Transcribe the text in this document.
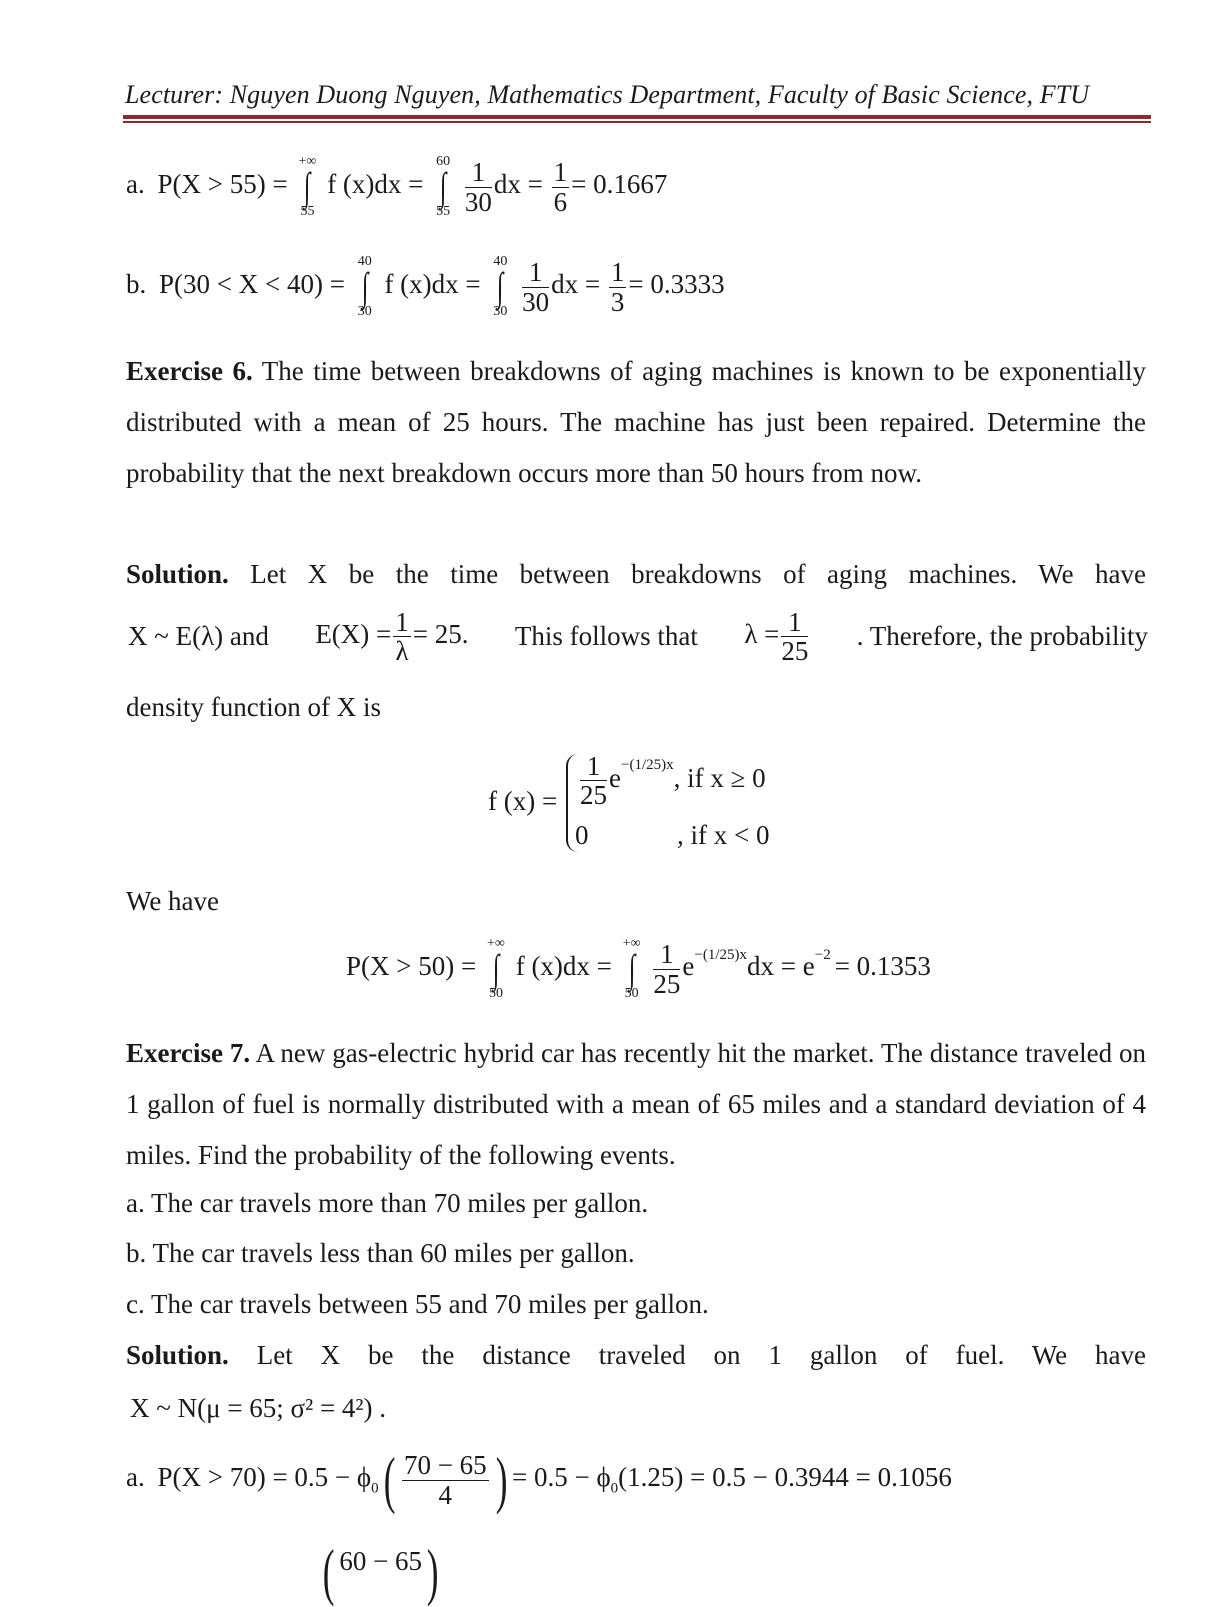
Lecturer: Nguyen Duong Nguyen, Mathematics Department, Faculty of Basic Science, FTU
a. P(X > 55) =
+∞
∫
55
f (x)dx =
60
∫
55
$\frac{1}{30}$ dx = $\frac{1}{6} = 0.1667$
b. P(30 < X < 40) =
40
∫
30
f (x)dx =
40
∫
30
$\frac{1}{30}$ dx = $\frac{1}{3} = 0.3333$
Exercise 6. The time between breakdowns of aging machines is known to be exponentially distributed with a mean of 25 hours. The machine has just been repaired. Determine the probability that the next breakdown occurs more than 50 hours from now.
Solution. Let X be the time between breakdowns of aging machines. We have
X ~ E(λ) and $E(X) = \frac{1}{\lambda} = 25$. This follows that $\lambda = \frac{1}{25}$ . Therefore, the probability
density function of X is
f $(x) = \frac{1}{25} e^{-(1/25)x}$, if x ≥ 0
0	, if x < 0
We have
P(X > 50) =
+∞
∫
50
f (x)dx =
+∞
∫
50
$\frac{1}{25} e^{-(1/25)x}dx = e^{-2} = 0.1353$
Exercise 7. A new gas-electric hybrid car has recently hit the market. The distance traveled on 1 gallon of fuel is normally distributed with a mean of 65 miles and a standard deviation of 4 miles. Find the probability of the following events.
a. The car travels more than 70 miles per gallon.
b. The car travels less than 60 miles per gallon.
c. The car travels between 55 and 70 miles per gallon.
Solution. Let X be the distance traveled on 1 gallon of fuel. We have
X ~ N(μ = 65; σ² = 4²) .
a. $P(X > 70) = 0.5 - \phi_0( \frac{70 - 65}{4}$ ) = $0.5 - \phi_0(1.25) = 0.5 - 0.3944 = 0.1056$
( 60 − 65)
